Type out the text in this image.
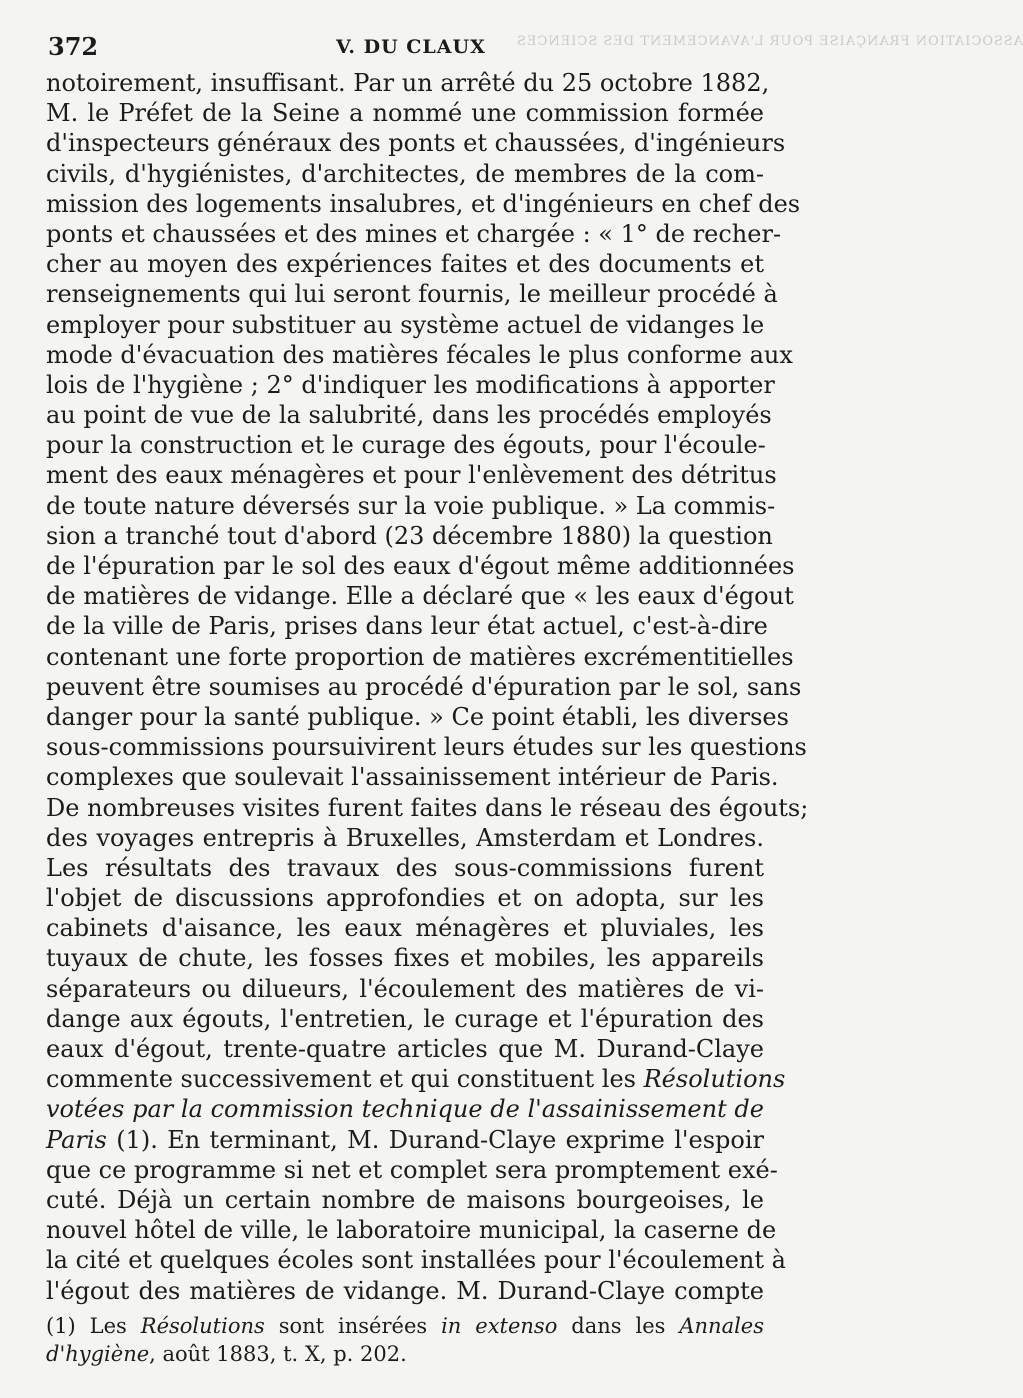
372	V. DU CLAUX ASSOCIATION FRANÇAISE POUR L'AVANCEMENT DES SCIENCES
notoirement, insuffisant. Par un arrêté du 25 octobre 1882,
M. le Préfet de la Seine a nommé une commission formée
d'inspecteurs généraux des ponts et chaussées, d'ingénieurs
civils, d'hygiénistes, d'architectes, de membres de la com-
mission des logements insalubres, et d'ingénieurs en chef des
ponts et chaussées et des mines et chargée : « 1° de recher-
cher au moyen des expériences faites et des documents et
renseignements qui lui seront fournis, le meilleur procédé à
employer pour substituer au système actuel de vidanges le
mode d'évacuation des matières fécales le plus conforme aux
lois de l'hygiène ; 2° d'indiquer les modifications à apporter
au point de vue de la salubrité, dans les procédés employés
pour la construction et le curage des égouts, pour l'écoule-
ment des eaux ménagères et pour l'enlèvement des détritus
de toute nature déversés sur la voie publique. » La commis-
sion a tranché tout d'abord (23 décembre 1880) la question
de l'épuration par le sol des eaux d'égout même additionnées
de matières de vidange. Elle a déclaré que « les eaux d'égout
de la ville de Paris, prises dans leur état actuel, c'est-à-dire
contenant une forte proportion de matières excrémentitielles
peuvent être soumises au procédé d'épuration par le sol, sans
danger pour la santé publique. » Ce point établi, les diverses
sous-commissions poursuivirent leurs études sur les questions
complexes que soulevait l'assainissement intérieur de Paris.
De nombreuses visites furent faites dans le réseau des égouts;
des voyages entrepris à Bruxelles, Amsterdam et Londres.
Les résultats des travaux des sous-commissions furent
l'objet de discussions approfondies et on adopta, sur les
cabinets d'aisance, les eaux ménagères et pluviales, les
tuyaux de chute, les fosses fixes et mobiles, les appareils
séparateurs ou dilueurs, l'écoulement des matières de vi-
dange aux égouts, l'entretien, le curage et l'épuration des
eaux d'égout, trente-quatre articles que M. Durand-Claye
commente successivement et qui constituent les Résolutions
votées par la commission technique de l'assainissement de
Paris (1). En terminant, M. Durand-Claye exprime l'espoir
que ce programme si net et complet sera promptement exé-
cuté. Déjà un certain nombre de maisons bourgeoises, le
nouvel hôtel de ville, le laboratoire municipal, la caserne de
la cité et quelques écoles sont installées pour l'écoulement à
l'égout des matières de vidange. M. Durand-Claye compte
(1) Les Résolutions sont insérées in extenso dans les Annales
d'hygiène, août 1883, t. X, p. 202.
